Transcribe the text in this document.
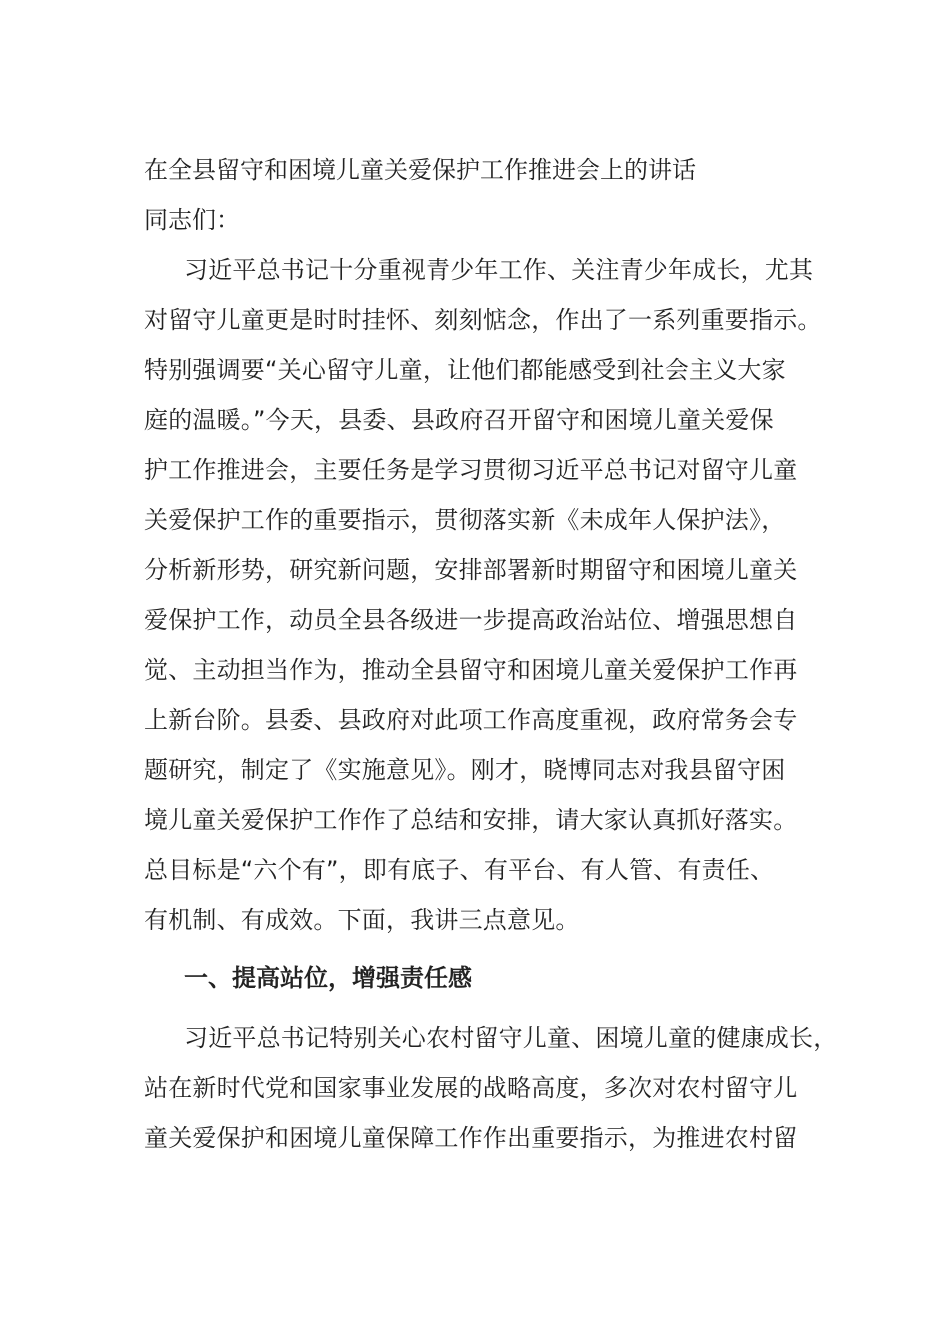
在全县留守和困境儿童关爱保护工作推进会上的讲话
同志们：
习近平总书记十分重视青少年工作、关注青少年成长，尤其
对留守儿童更是时时挂怀、刻刻惦念，作出了一系列重要指示。
特别强调要“关心留守儿童，让他们都能感受到社会主义大家
庭的温暖。”今天，县委、县政府召开留守和困境儿童关爱保
护工作推进会，主要任务是学习贯彻习近平总书记对留守儿童
关爱保护工作的重要指示，贯彻落实新《未成年人保护法》，
分析新形势，研究新问题，安排部署新时期留守和困境儿童关
爱保护工作，动员全县各级进一步提高政治站位、增强思想自
觉、主动担当作为，推动全县留守和困境儿童关爱保护工作再
上新台阶。县委、县政府对此项工作高度重视，政府常务会专
题研究，制定了《实施意见》。刚才，晓博同志对我县留守困
境儿童关爱保护工作作了总结和安排，请大家认真抓好落实。
总目标是“六个有”，即有底子、有平台、有人管、有责任、
有机制、有成效。下面，我讲三点意见。
一、提高站位，增强责任感
习近平总书记特别关心农村留守儿童、困境儿童的健康成长，
站在新时代党和国家事业发展的战略高度，多次对农村留守儿
童关爱保护和困境儿童保障工作作出重要指示，为推进农村留
